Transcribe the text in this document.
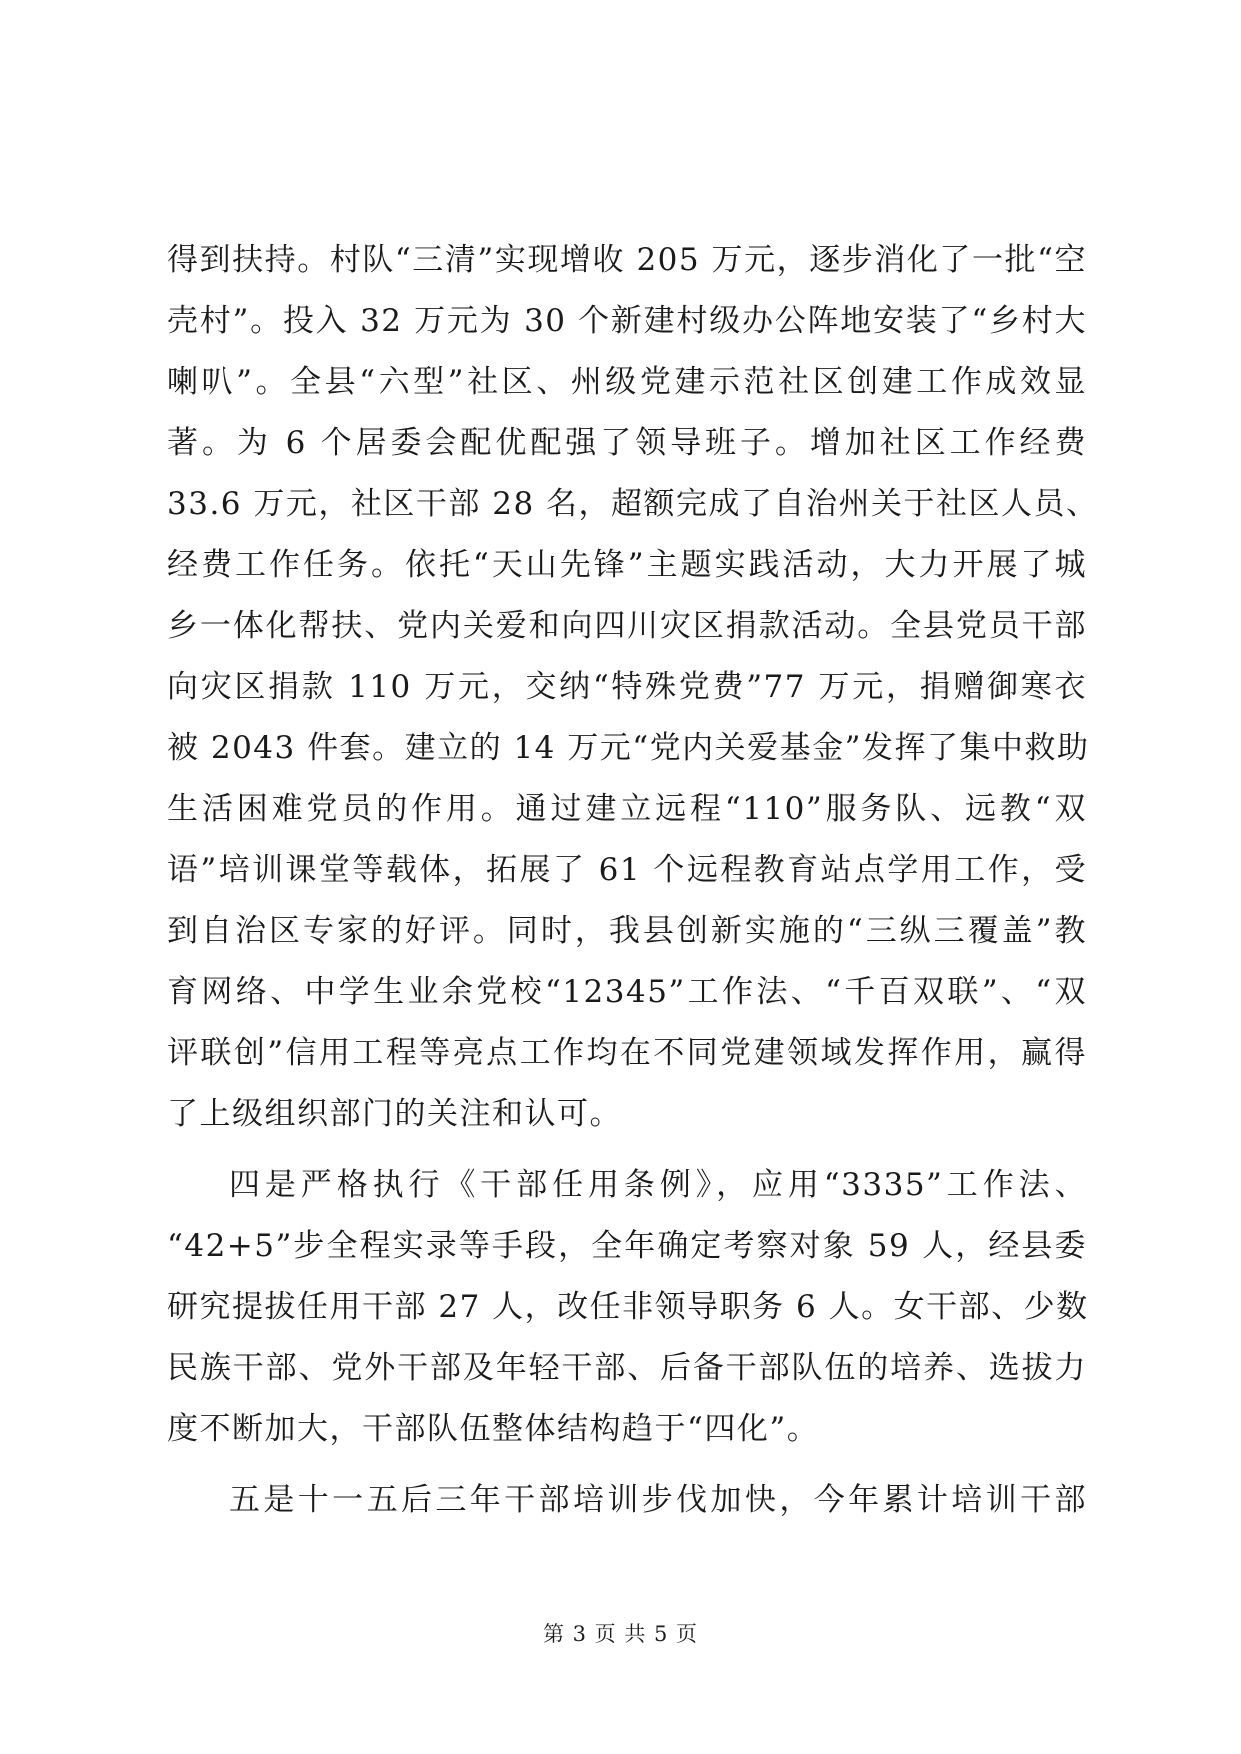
得到扶持。村队“三清”实现增收 205 万元，逐步消化了一批“空
壳村”。投入 32 万元为 30 个新建村级办公阵地安装了“乡村大
喇叭”。全县“六型”社区、州级党建示范社区创建工作成效显
著。为 6 个居委会配优配强了领导班子。增加社区工作经费
33.6 万元，社区干部 28 名，超额完成了自治州关于社区人员、
经费工作任务。依托“天山先锋”主题实践活动，大力开展了城
乡一体化帮扶、党内关爱和向四川灾区捐款活动。全县党员干部
向灾区捐款 110 万元，交纳“特殊党费”77 万元，捐赠御寒衣
被 2043 件套。建立的 14 万元“党内关爱基金”发挥了集中救助
生活困难党员的作用。通过建立远程“110”服务队、远教“双
语”培训课堂等载体，拓展了 61 个远程教育站点学用工作，受
到自治区专家的好评。同时，我县创新实施的“三纵三覆盖”教
育网络、中学生业余党校“12345”工作法、“千百双联”、“双
评联创”信用工程等亮点工作均在不同党建领域发挥作用，赢得
了上级组织部门的关注和认可。
四是严格执行《干部任用条例》，应用“3335”工作法、
“42+5”步全程实录等手段，全年确定考察对象 59 人，经县委
研究提拔任用干部 27 人，改任非领导职务 6 人。女干部、少数
民族干部、党外干部及年轻干部、后备干部队伍的培养、选拔力
度不断加大，干部队伍整体结构趋于“四化”。
五是十一五后三年干部培训步伐加快，今年累计培训干部
第 3 页 共 5 页
